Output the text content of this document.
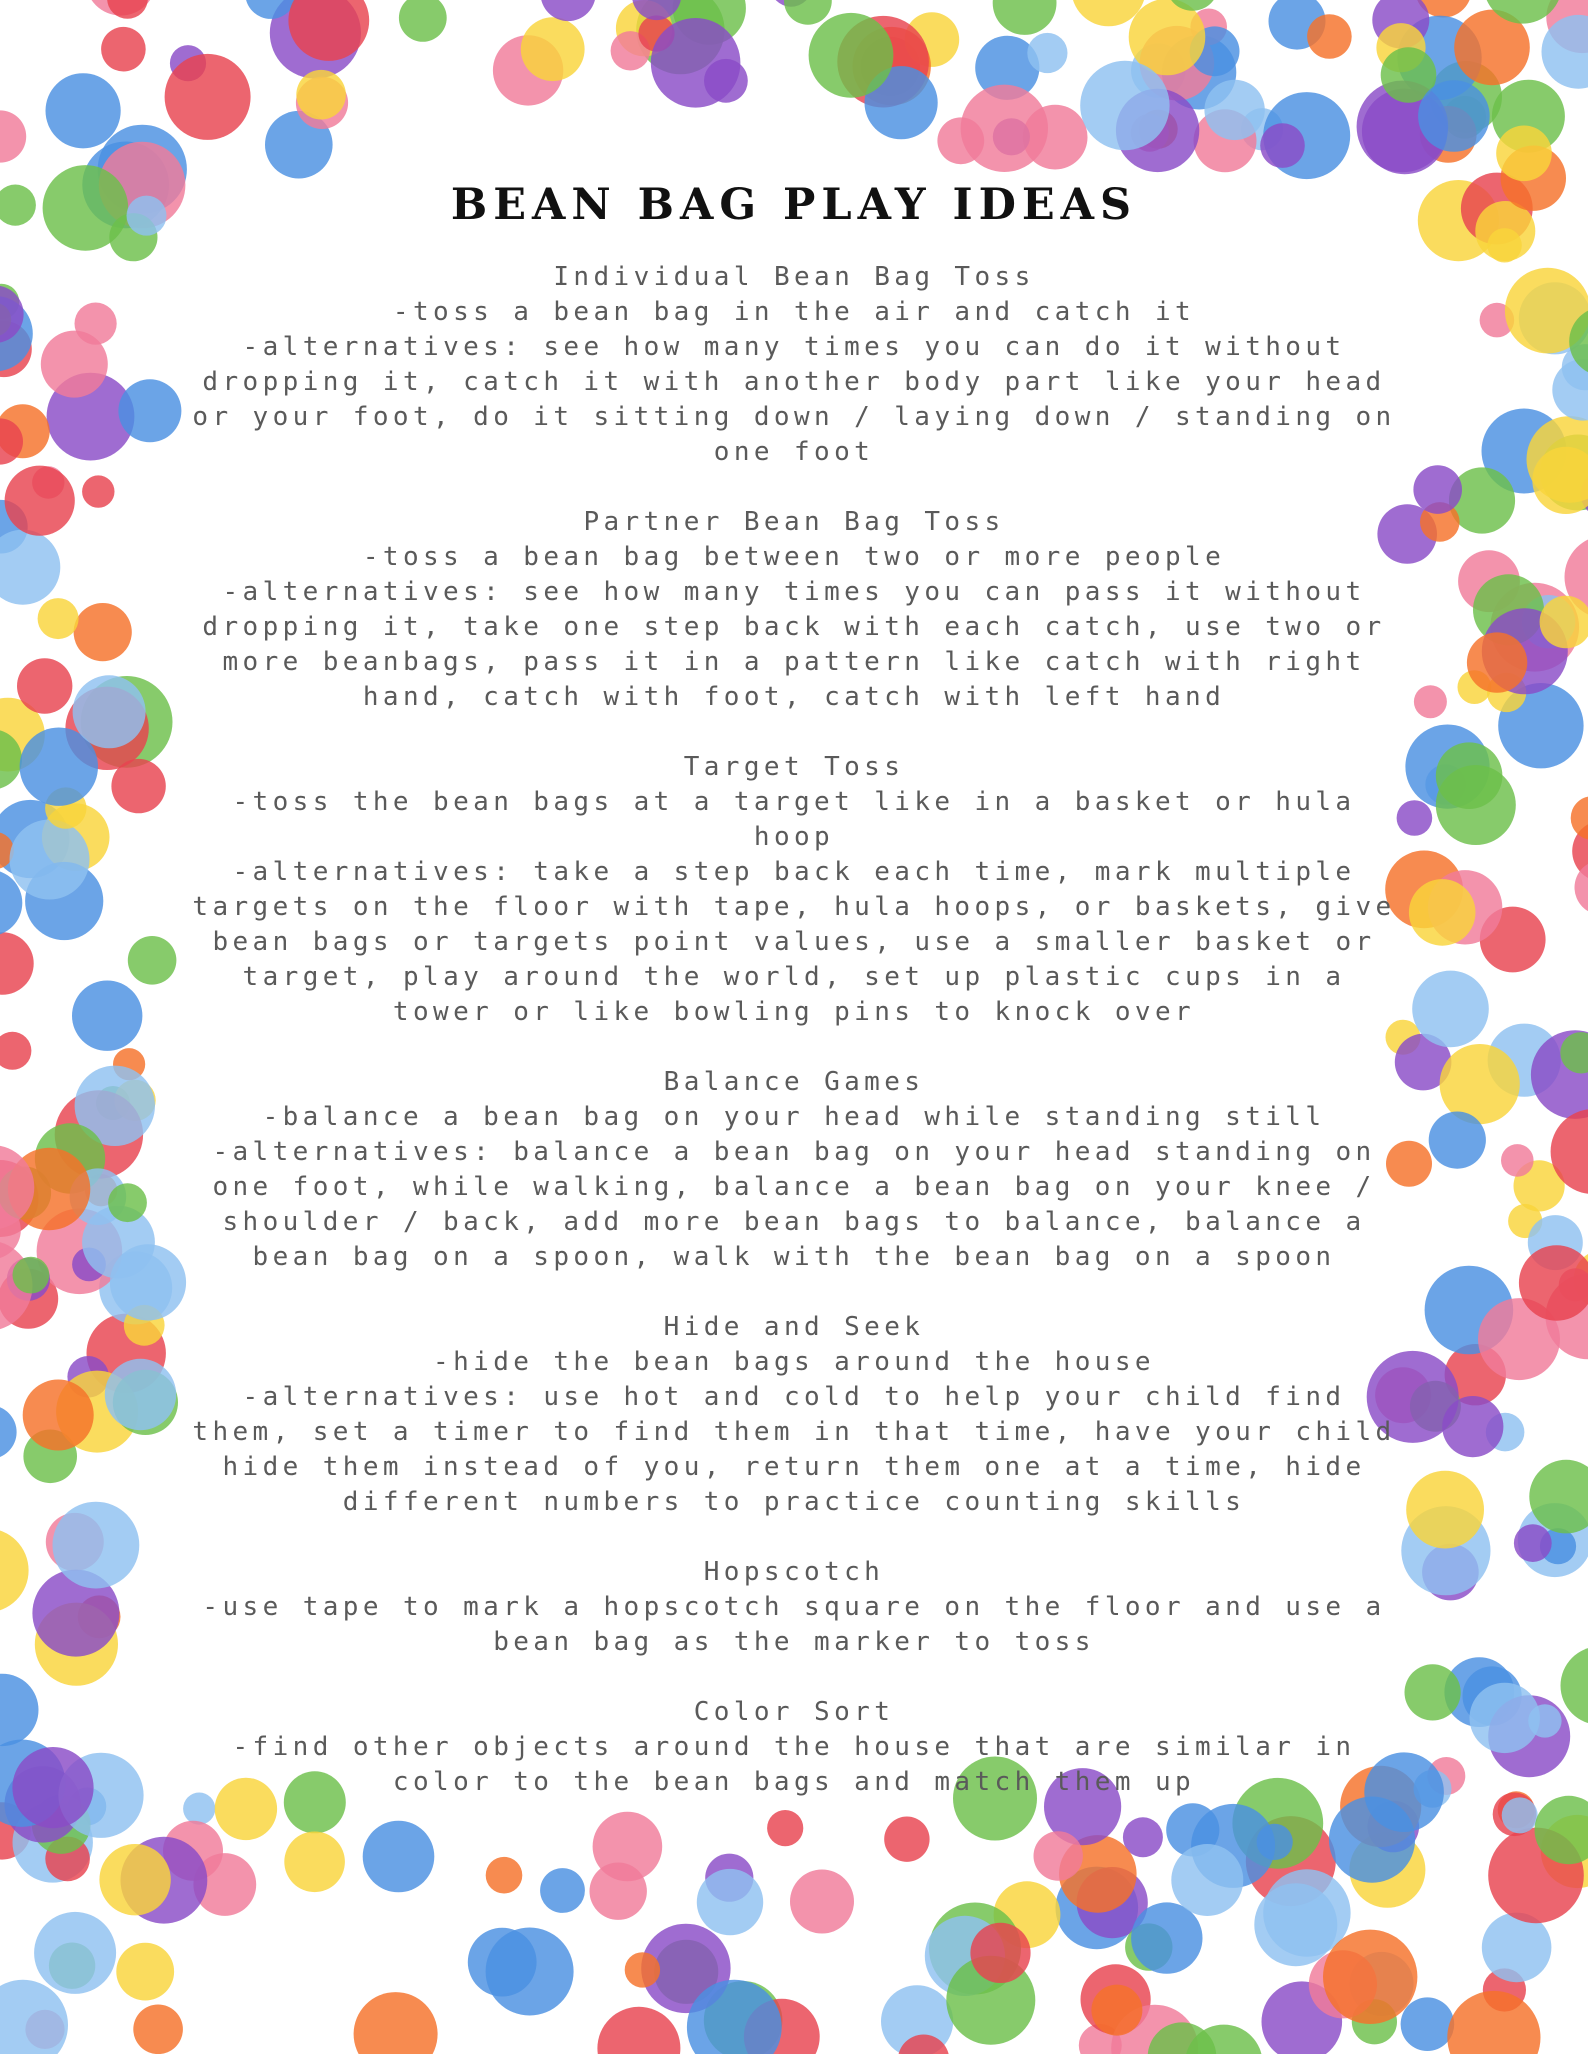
BEAN BAG PLAY IDEAS

Individual Bean Bag Toss

-toss a bean bag in the air and catch it

-alternatives: see how many times you can do it without dropping it, catch it with another body part like your head or your foot, do it sitting down / laying down / standing on one foot

Partner Bean Bag Toss

-toss a bean bag between two or more people

-alternatives: see how many times you can pass it without dropping it, take one step back with each catch, use two or more beanbags, pass it in a pattern like catch with right hand, catch with foot, catch with left hand

Target Toss

-toss the bean bags at a target like in a basket or hula hoop

-alternatives: take a step back each time, mark multiple targets on the floor with tape, hula hoops, or baskets, give bean bags or targets point values, use a smaller basket or target, play around the world, set up plastic cups in a tower or like bowling pins to knock over

Balance Games

-balance a bean bag on your head while standing still

-alternatives: balance a bean bag on your head standing on one foot, while walking, balance a bean bag on your knee / shoulder / back, add more bean bags to balance, balance a bean bag on a spoon, walk with the bean bag on a spoon

Hide and Seek

-hide the bean bags around the house

-alternatives: use hot and cold to help your child find them, set a timer to find them in that time, have your child hide them instead of you, return them one at a time, hide different numbers to practice counting skills

Hopscotch

-use tape to mark a hopscotch square on the floor and use a bean bag as the marker to toss

Color Sort

-find other objects around the house that are similar in color to the bean bags and match them up
